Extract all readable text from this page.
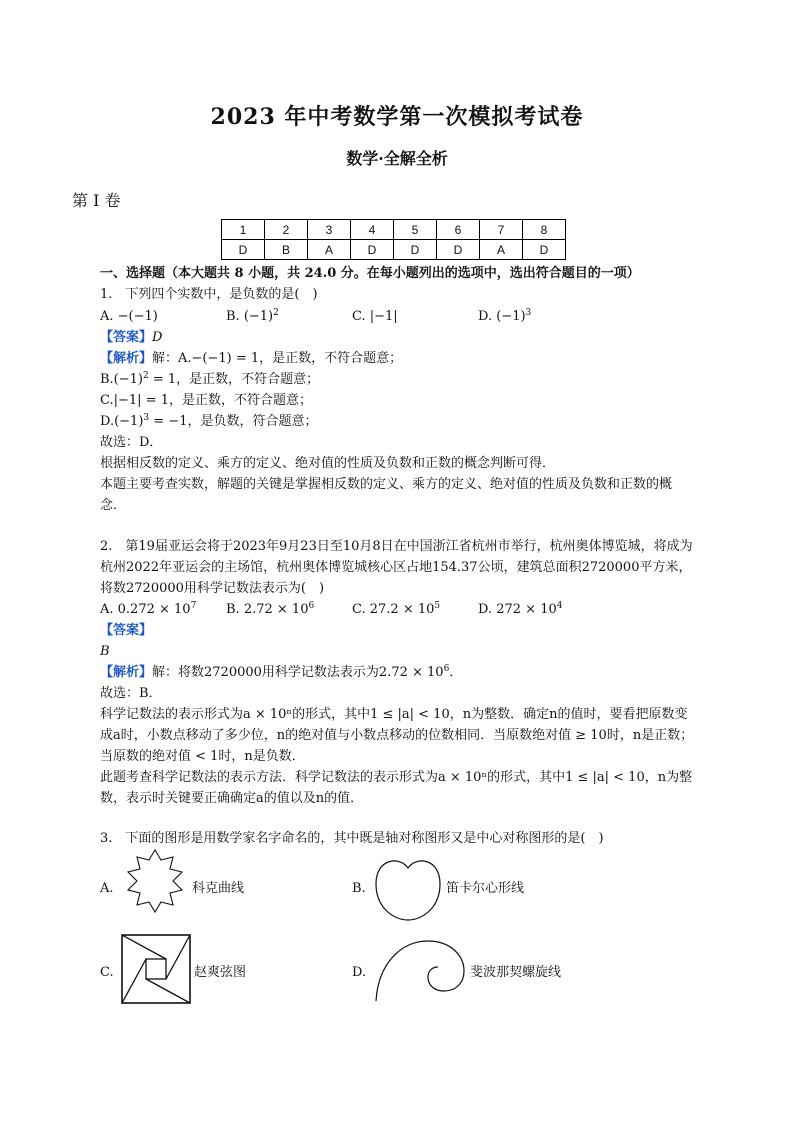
2023 年中考数学第一次模拟考试卷
数学·全解全析
第 I 卷
1	2	3	4	5	6	7	8
D	B	A	D	D	D	A	D
一、选择题（本大题共 8 小题，共 24.0 分。在每小题列出的选项中，选出符合题目的一项）
1.　下列四个实数中，是负数的是(　)
A. −(−1)	B. $(-1)^2$	C. |−1|	D. $(-1)^3$
【答案】D
【解析】解：A.−(−1) = 1，是正数，不符合题意；
$B.(-1)^2 = 1$，是正数，不符合题意；
C.|−1| = 1，是正数，不符合题意；
$D.(-1)^3 = -1$，是负数，符合题意；
故选：D．
根据相反数的定义、乘方的定义、绝对值的性质及负数和正数的概念判断可得．
本题主要考查实数，解题的关键是掌握相反数的定义、乘方的定义、绝对值的性质及负数和正数的概
念．
2.　第19届亚运会将于2023年9月23日至10月8日在中国浙江省杭州市举行，杭州奥体博览城，将成为
杭州2022年亚运会的主场馆，杭州奥体博览城核心区占地154.37公顷，建筑总面积2720000平方米，
将数2720000用科学记数法表示为(　)
A. $0.272 \times 10^7$ B. $2.72 \times 10^6$	C. $27.2 \times 10^5$	D. $272 \times 10^4$
【答案】
B
【解析】解：将数2720000用科学记数法表示为$2.72 \times 10^6$．
故选：B．
科学记数法的表示形式为a × 10ⁿ的形式，其中1 ≤ |a| < 10，n为整数．确定n的值时，要看把原数变
成a时，小数点移动了多少位，n的绝对值与小数点移动的位数相同．当原数绝对值 ≥ 10时，n是正数；
当原数的绝对值 < 1时，n是负数．
此题考查科学记数法的表示方法．科学记数法的表示形式为a × 10ⁿ的形式，其中1 ≤ |a| < 10，n为整
数，表示时关键要正确确定a的值以及n的值．
3.　下面的图形是用数学家名字命名的，其中既是轴对称图形又是中心对称图形的是(　)
A.	科克曲线	B.	笛卡尔心形线
C.	赵爽弦图	D.	斐波那契螺旋线
